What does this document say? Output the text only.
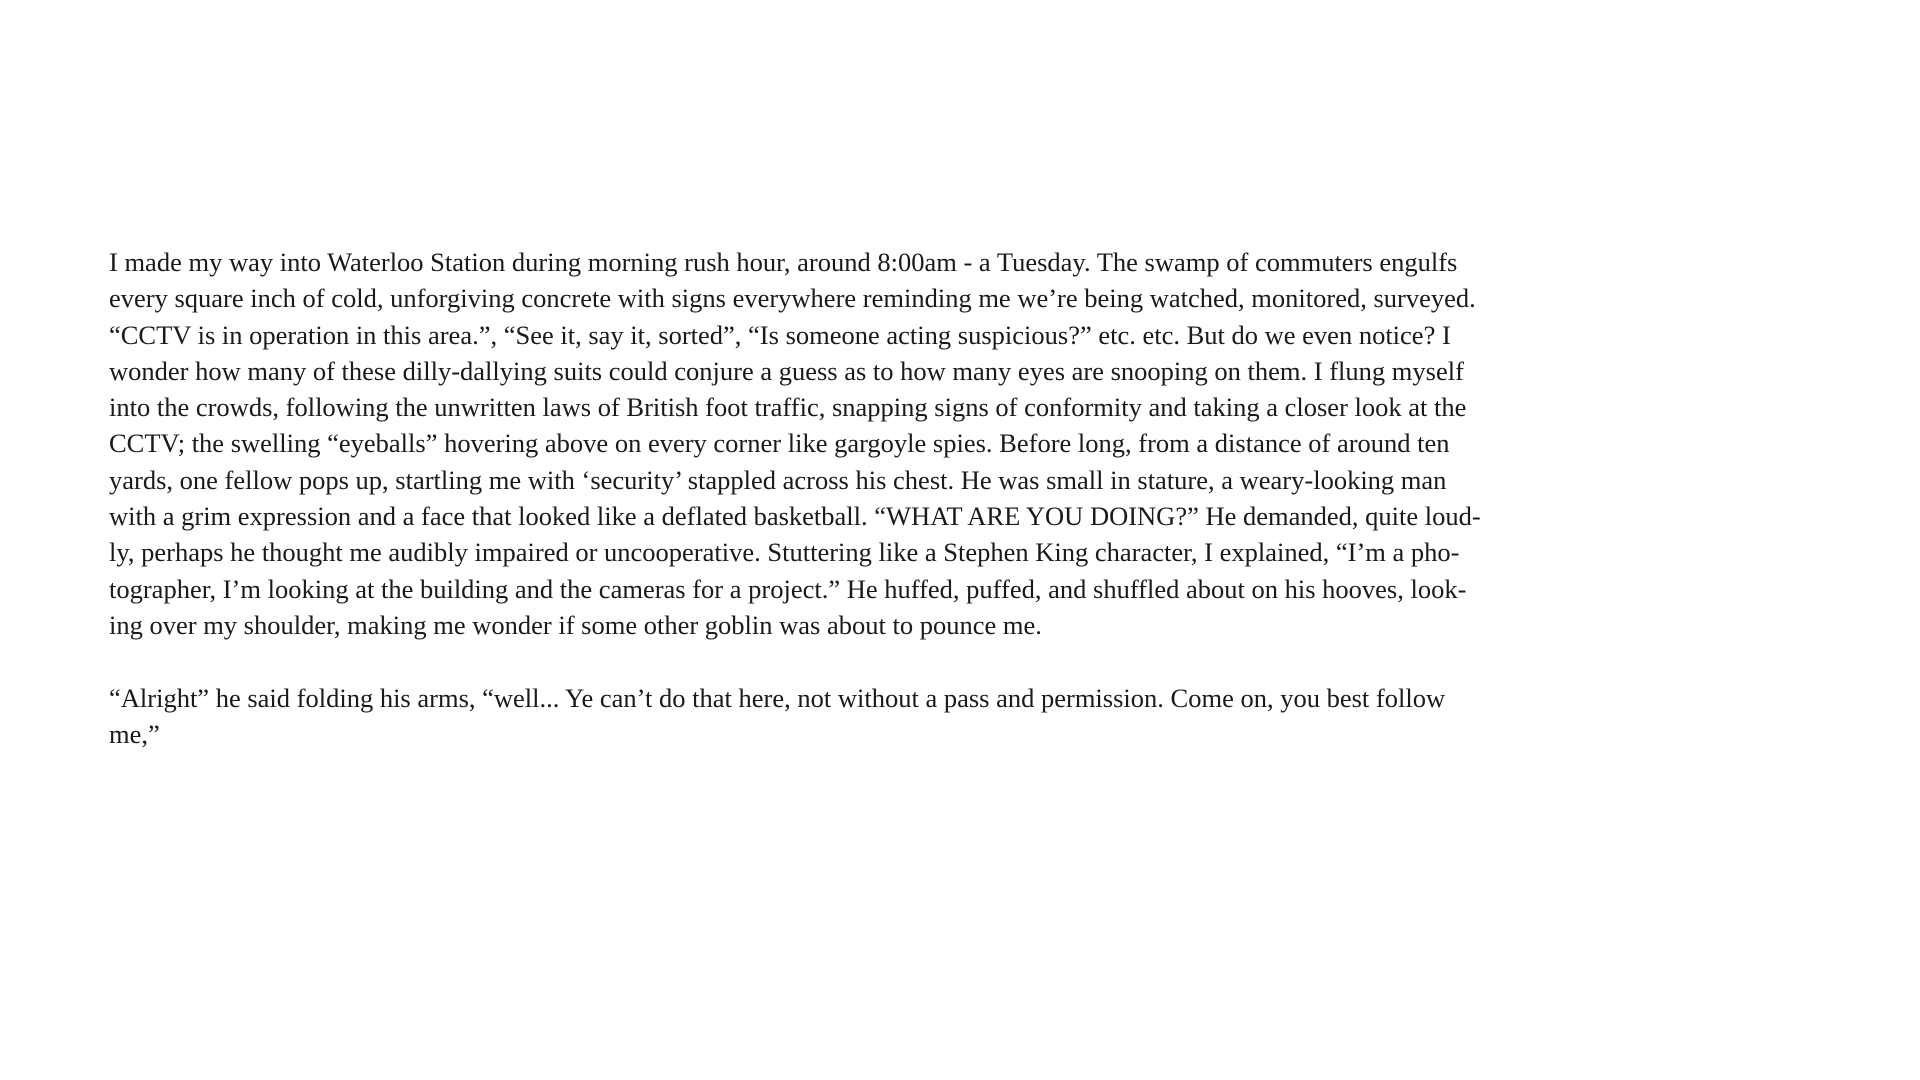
I made my way into Waterloo Station during morning rush hour, around 8:00am - a Tuesday. The swamp of commuters engulfs
every square inch of cold, unforgiving concrete with signs everywhere reminding me we’re being watched, monitored, surveyed.
“CCTV is in operation in this area.”, “See it, say it, sorted”, “Is someone acting suspicious?” etc. etc. But do we even notice? I
wonder how many of these dilly-dallying suits could conjure a guess as to how many eyes are snooping on them. I flung myself
into the crowds, following the unwritten laws of British foot traffic, snapping signs of conformity and taking a closer look at the
CCTV; the swelling “eyeballs” hovering above on every corner like gargoyle spies. Before long, from a distance of around ten
yards, one fellow pops up, startling me with ‘security’ stappled across his chest. He was small in stature, a weary-looking man
with a grim expression and a face that looked like a deflated basketball. “WHAT ARE YOU DOING?” He demanded, quite loud-
ly, perhaps he thought me audibly impaired or uncooperative. Stuttering like a Stephen King character, I explained, “I’m a pho-
tographer, I’m looking at the building and the cameras for a project.” He huffed, puffed, and shuffled about on his hooves, look-
ing over my shoulder, making me wonder if some other goblin was about to pounce me.

“Alright” he said folding his arms, “well... Ye can’t do that here, not without a pass and permission. Come on, you best follow
me,”
